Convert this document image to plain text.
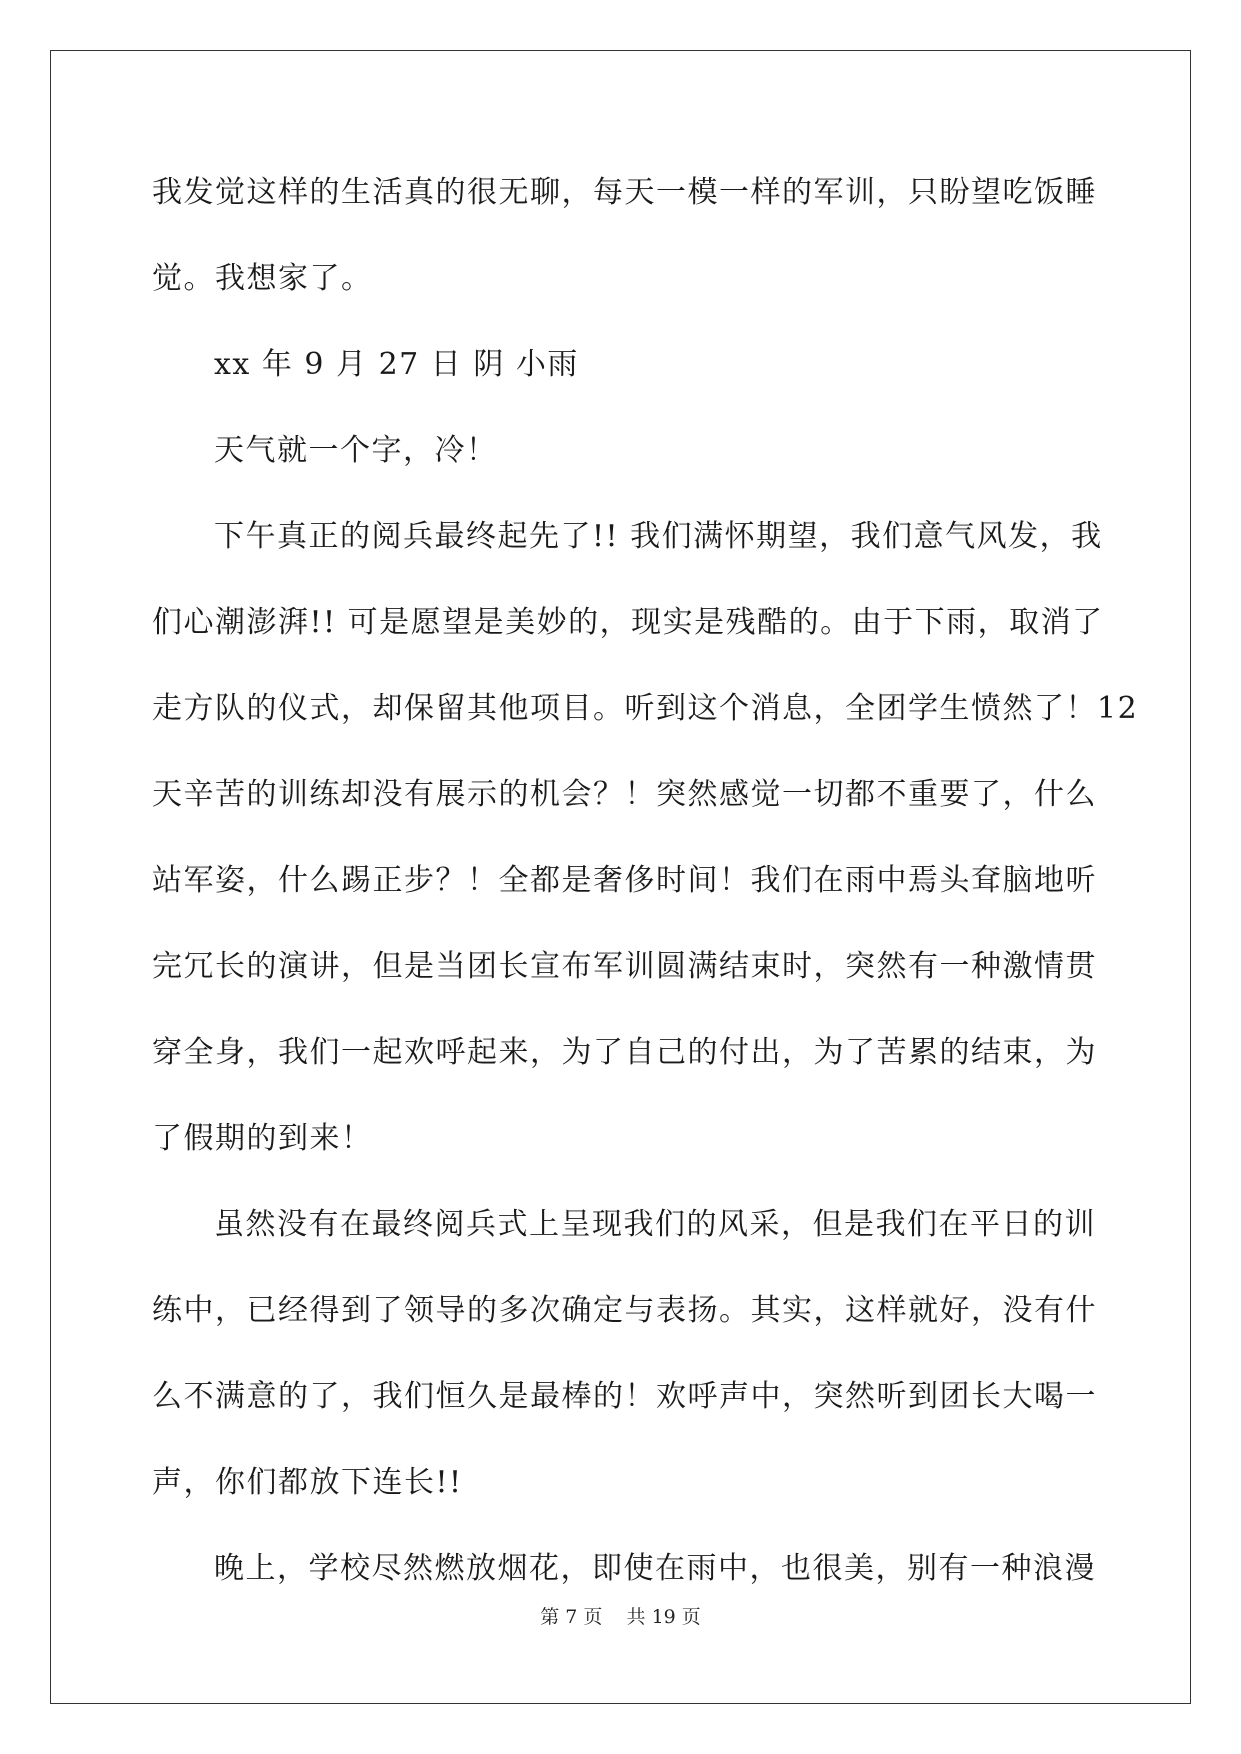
我发觉这样的生活真的很无聊，每天一模一样的军训，只盼望吃饭睡
觉。我想家了。
xx 年 9 月 27 日 阴 小雨
天气就一个字，冷！
下午真正的阅兵最终起先了!! 我们满怀期望，我们意气风发，我
们心潮澎湃!! 可是愿望是美妙的，现实是残酷的。由于下雨，取消了
走方队的仪式，却保留其他项目。听到这个消息，全团学生愤然了！12
天辛苦的训练却没有展示的机会？！突然感觉一切都不重要了，什么
站军姿，什么踢正步？！全都是奢侈时间！我们在雨中焉头耷脑地听
完冗长的演讲，但是当团长宣布军训圆满结束时，突然有一种激情贯
穿全身，我们一起欢呼起来，为了自己的付出，为了苦累的结束，为
了假期的到来！
虽然没有在最终阅兵式上呈现我们的风采，但是我们在平日的训
练中，已经得到了领导的多次确定与表扬。其实，这样就好，没有什
么不满意的了，我们恒久是最棒的！欢呼声中，突然听到团长大喝一
声，你们都放下连长!!
晚上，学校尽然燃放烟花，即使在雨中，也很美，别有一种浪漫
第 7 页    共 19 页
